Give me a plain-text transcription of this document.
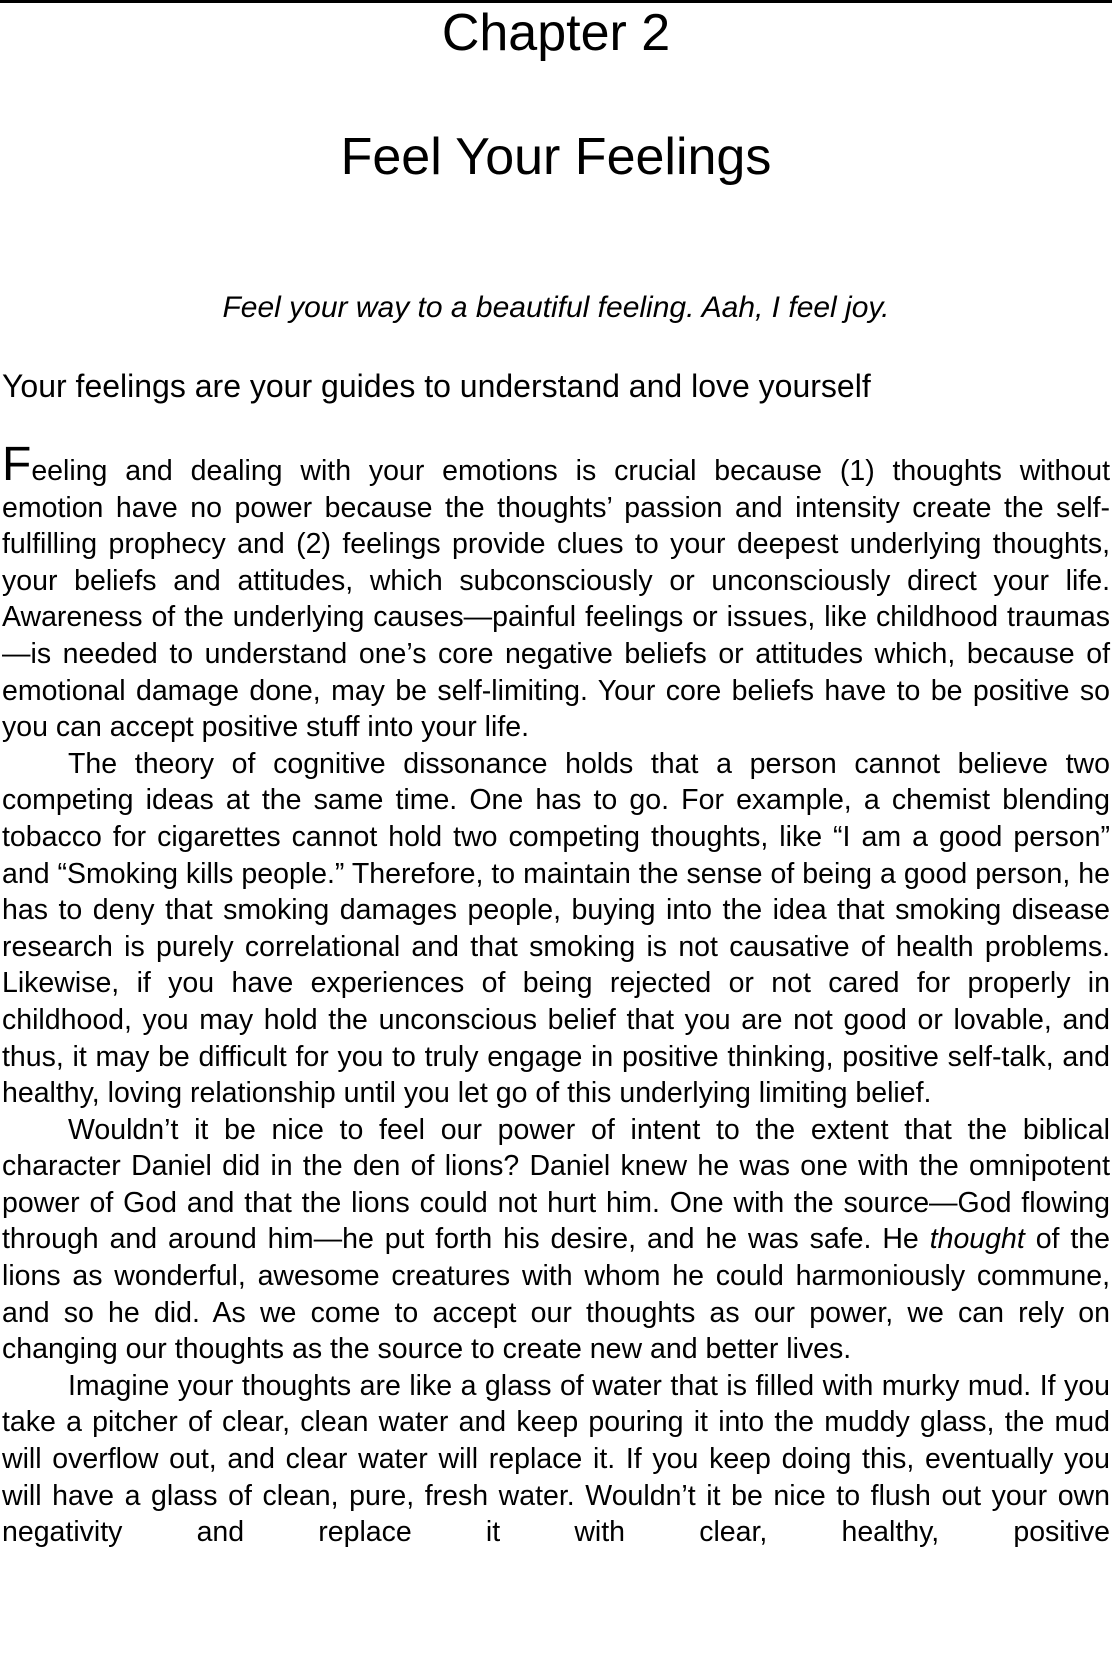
Chapter 2
Feel Your Feelings

Feel your way to a beautiful feeling. Aah, I feel joy.

Your feelings are your guides to understand and love yourself

Feeling and dealing with your emotions is crucial because (1) thoughts without emotion have no power because the thoughts’ passion and intensity create the self-fulfilling prophecy and (2) feelings provide clues to your deepest underlying thoughts, your beliefs and attitudes, which subconsciously or unconsciously direct your life. Awareness of the underlying causes—painful feelings or issues, like childhood traumas—is needed to understand one’s core negative beliefs or attitudes which, because of emotional damage done, may be self-limiting. Your core beliefs have to be positive so you can accept positive stuff into your life.

The theory of cognitive dissonance holds that a person cannot believe two competing ideas at the same time. One has to go. For example, a chemist blending tobacco for cigarettes cannot hold two competing thoughts, like “I am a good person” and “Smoking kills people.” Therefore, to maintain the sense of being a good person, he has to deny that smoking damages people, buying into the idea that smoking disease research is purely correlational and that smoking is not causative of health problems. Likewise, if you have experiences of being rejected or not cared for properly in childhood, you may hold the unconscious belief that you are not good or lovable, and thus, it may be difficult for you to truly engage in positive thinking, positive self-talk, and healthy, loving relationship until you let go of this underlying limiting belief.

Wouldn’t it be nice to feel our power of intent to the extent that the biblical character Daniel did in the den of lions? Daniel knew he was one with the omnipotent power of God and that the lions could not hurt him. One with the source—God flowing through and around him—he put forth his desire, and he was safe. He thought of the lions as wonderful, awesome creatures with whom he could harmoniously commune, and so he did. As we come to accept our thoughts as our power, we can rely on changing our thoughts as the source to create new and better lives.

Imagine your thoughts are like a glass of water that is filled with murky mud. If you take a pitcher of clear, clean water and keep pouring it into the muddy glass, the mud will overflow out, and clear water will replace it. If you keep doing this, eventually you will have a glass of clean, pure, fresh water. Wouldn’t it be nice to flush out your own negativity and replace it with clear, healthy, positive
